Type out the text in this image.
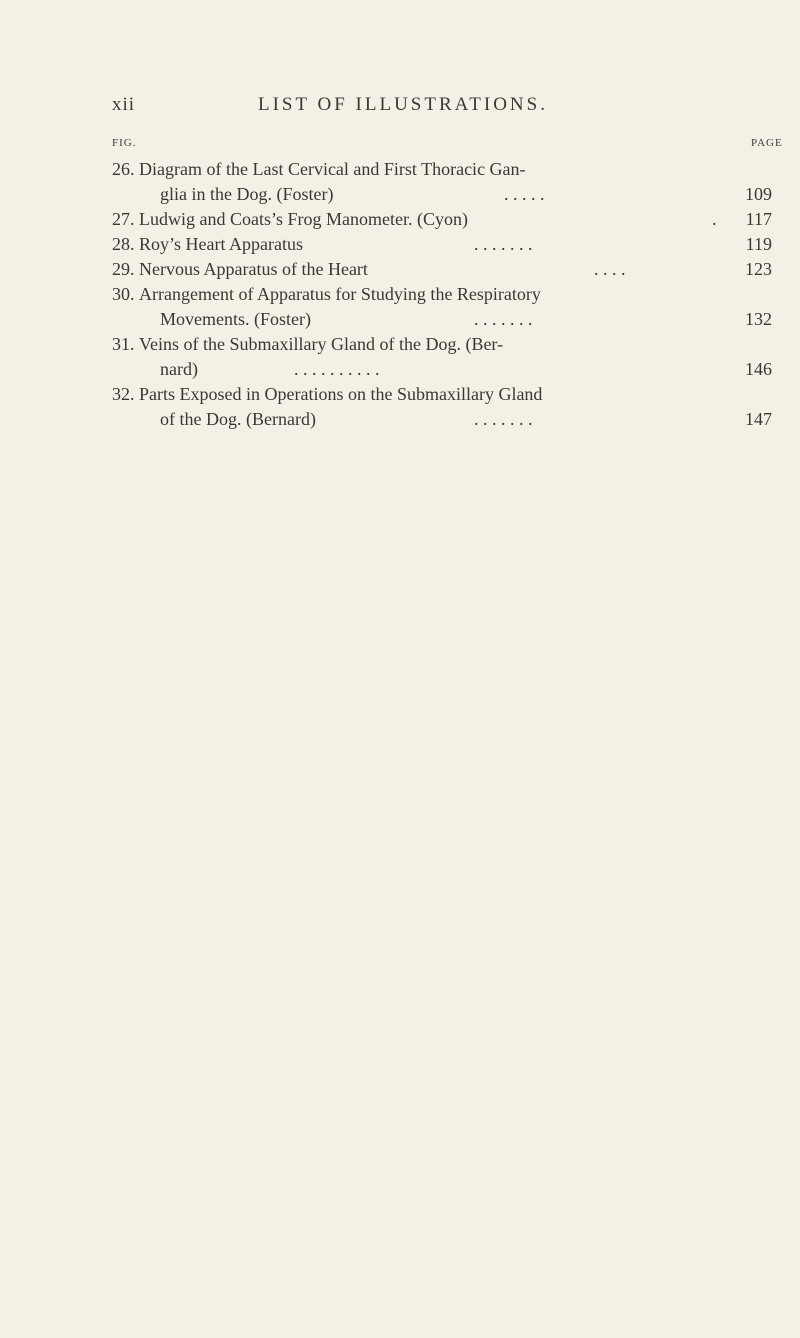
xii	LIST OF ILLUSTRATIONS.
FIG.	PAGE
26. Diagram of the Last Cervical and First Thoracic Gan-
glia in the Dog. (Foster)	. . . . .	109
27. Ludwig and Coats’s Frog Manometer. (Cyon)	. 117
28. Roy’s Heart Apparatus	. . . . . . .	119
29. Nervous Apparatus of the Heart	. . . .	123
30. Arrangement of Apparatus for Studying the Respiratory
Movements. (Foster)	. . . . . . .	132
31. Veins of the Submaxillary Gland of the Dog. (Ber-
nard)	. . . . . . . . . .	146
32. Parts Exposed in Operations on the Submaxillary Gland
of the Dog. (Bernard)	. . . . . . .	147
